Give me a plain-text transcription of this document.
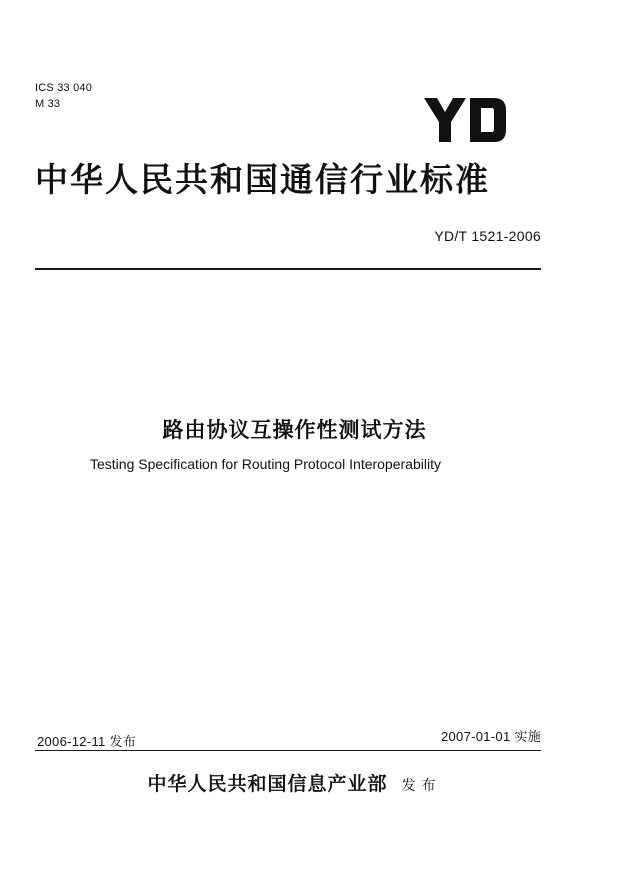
ICS 33 040
M 33
中华人民共和国通信行业标准
YD/T 1521-2006
路由协议互操作性测试方法
Testing Specification for Routing Protocol Interoperability
2006-12-11 发布	2007-01-01 实施
中华人民共和国信息产业部 发布
